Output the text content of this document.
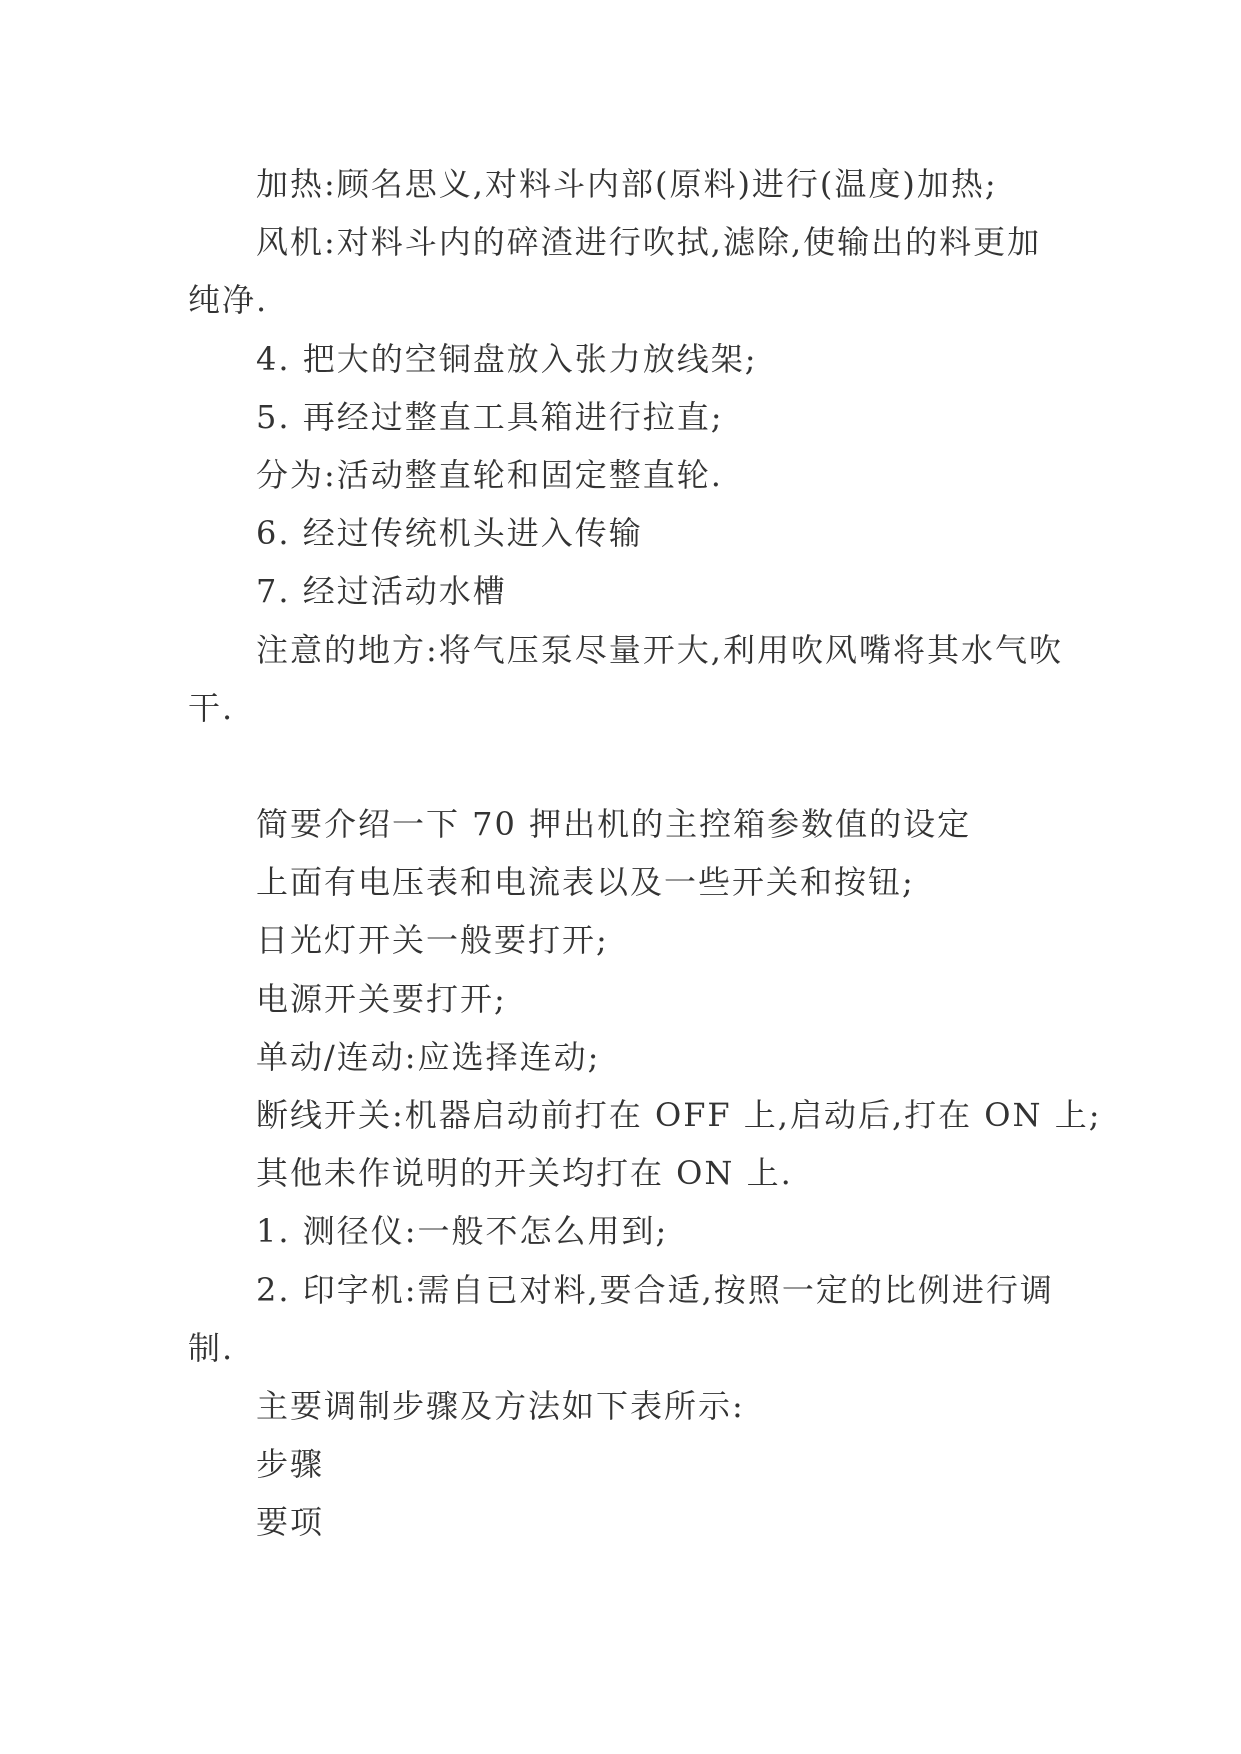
加热:顾名思义,对料斗内部(原料)进行(温度)加热;

风机:对料斗内的碎渣进行吹拭,滤除,使输出的料更加

纯净.

4. 把大的空铜盘放入张力放线架;

5. 再经过整直工具箱进行拉直;

分为:活动整直轮和固定整直轮.

6. 经过传统机头进入传输

7. 经过活动水槽

注意的地方:将气压泵尽量开大,利用吹风嘴将其水气吹

干.

简要介绍一下 70 押出机的主控箱参数值的设定

上面有电压表和电流表以及一些开关和按钮;

日光灯开关一般要打开;

电源开关要打开;

单动/连动:应选择连动;

断线开关:机器启动前打在 OFF 上,启动后,打在 ON 上;

其他未作说明的开关均打在 ON 上.

1. 测径仪:一般不怎么用到;

2. 印字机:需自已对料,要合适,按照一定的比例进行调

制.

主要调制步骤及方法如下表所示:

步骤

要项
